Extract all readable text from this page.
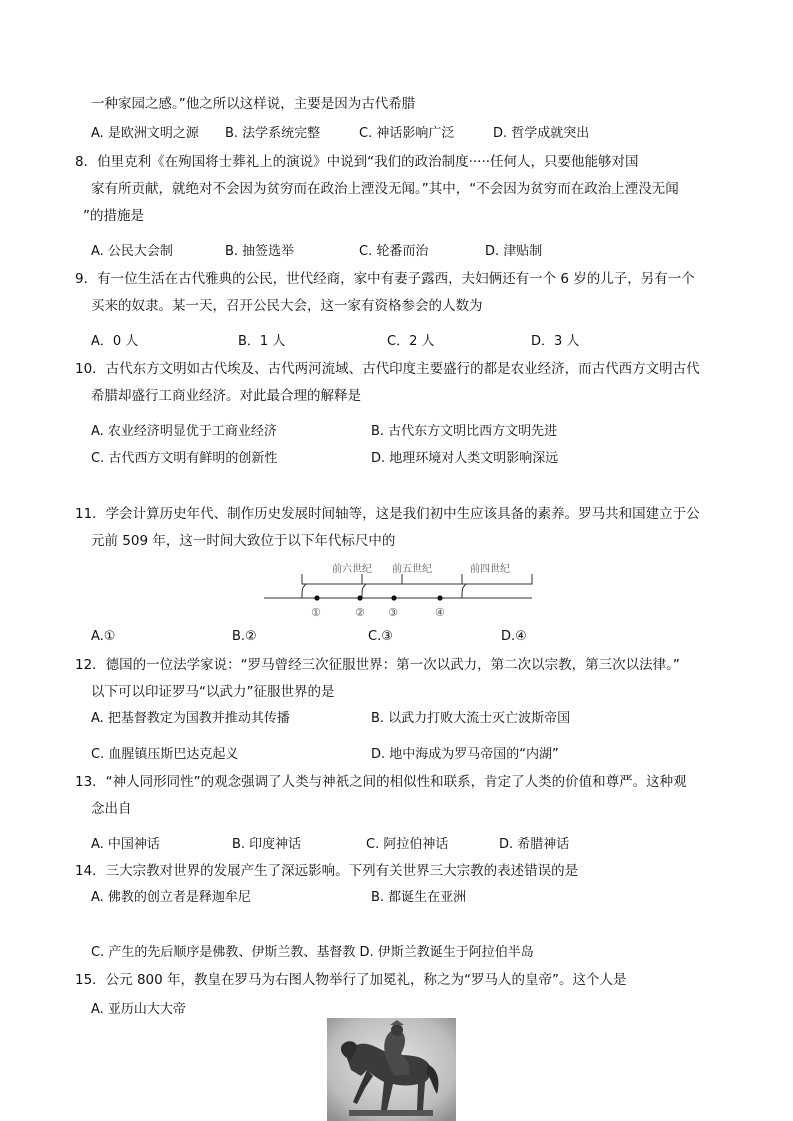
一种家园之感。”他之所以这样说，主要是因为古代希腊
A. 是欧洲文明之源 B. 法学系统完整	C. 神话影响广泛	D. 哲学成就突出
8．伯里克利《在殉国将士葬礼上的演说》中说到“我们的政治制度·····任何人，只要他能够对国
家有所贡献，就绝对不会因为贫穷而在政治上湮没无闻。”其中，“不会因为贫穷而在政治上湮没无闻
”的措施是
A. 公民大会制	B. 抽签选举	C. 轮番而治	D. 津贴制
9．有一位生活在古代雅典的公民，世代经商，家中有妻子露西，夫妇俩还有一个 6 岁的儿子，另有一个
买来的奴隶。某一天，召开公民大会，这一家有资格参会的人数为
A．0 人	B．1 人	C．2 人	D．3 人
10．古代东方文明如古代埃及、古代两河流域、古代印度主要盛行的都是农业经济，而古代西方文明古代
希腊却盛行工商业经济。对此最合理的解释是
A. 农业经济明显优于工商业经济	B. 古代东方文明比西方文明先进
C. 古代西方文明有鲜明的创新性	D. 地理环境对人类文明影响深远
11．学会计算历史年代、制作历史发展时间轴等，这是我们初中生应该具备的素养。罗马共和国建立于公
元前 509 年，这一时间大致位于以下年代标尺中的
前六世纪 前五世纪	前四世纪
①	② ③	④
A.①	B.②	C.③	D.④
12．德国的一位法学家说：“罗马曾经三次征服世界：第一次以武力，第二次以宗教，第三次以法律。”
以下可以印证罗马“以武力”征服世界的是
A. 把基督教定为国教并推动其传播	B. 以武力打败大流士灭亡波斯帝国
C. 血腥镇压斯巴达克起义	D. 地中海成为罗马帝国的“内湖”
13．“神人同形同性”的观念强调了人类与神祇之间的相似性和联系，肯定了人类的价值和尊严。这种观
念出自
A. 中国神话	B. 印度神话	C. 阿拉伯神话	D. 希腊神话
14．三大宗教对世界的发展产生了深远影响。下列有关世界三大宗教的表述错误的是
A. 佛教的创立者是释迦牟尼	B. 都诞生在亚洲
C. 产生的先后顺序是佛教、伊斯兰教、基督教 D. 伊斯兰教诞生于阿拉伯半岛
15．公元 800 年，教皇在罗马为右图人物举行了加冕礼，称之为“罗马人的皇帝”。这个人是
A. 亚历山大大帝
